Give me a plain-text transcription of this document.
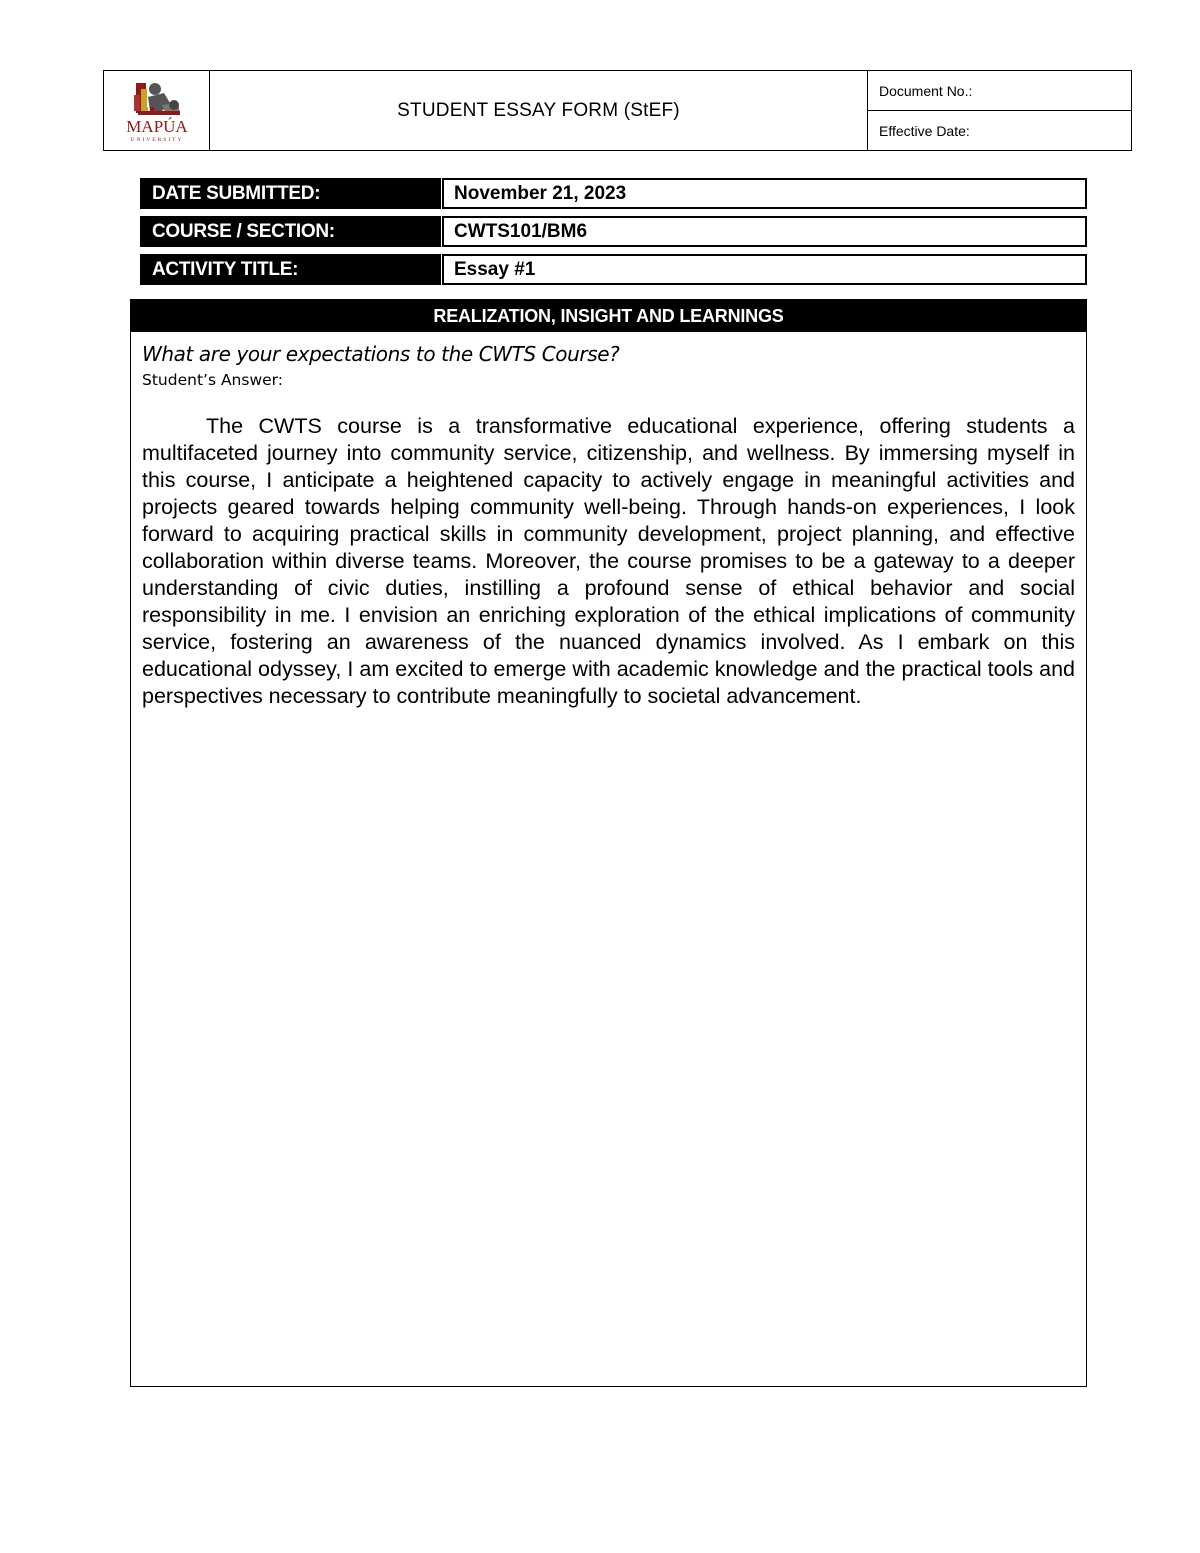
MAPÚA
UNIVERSITY
STUDENT ESSAY FORM (StEF)
Document No.:
Effective Date:
DATE SUBMITTED:	November 21, 2023
COURSE / SECTION:	CWTS101/BM6
ACTIVITY TITLE:	Essay #1
REALIZATION, INSIGHT AND LEARNINGS
What are your expectations to the CWTS Course?
Student’s Answer:
The CWTS course is a transformative educational experience, offering students a multifaceted journey into community service, citizenship, and wellness. By immersing myself in this course, I anticipate a heightened capacity to actively engage in meaningful activities and projects geared towards helping community well-being. Through hands-on experiences, I look forward to acquiring practical skills in community development, project planning, and effective collaboration within diverse teams. Moreover, the course promises to be a gateway to a deeper understanding of civic duties, instilling a profound sense of ethical behavior and social responsibility in me. I envision an enriching exploration of the ethical implications of community service, fostering an awareness of the nuanced dynamics involved. As I embark on this educational odyssey, I am excited to emerge with academic knowledge and the practical tools and perspectives necessary to contribute meaningfully to societal advancement.
